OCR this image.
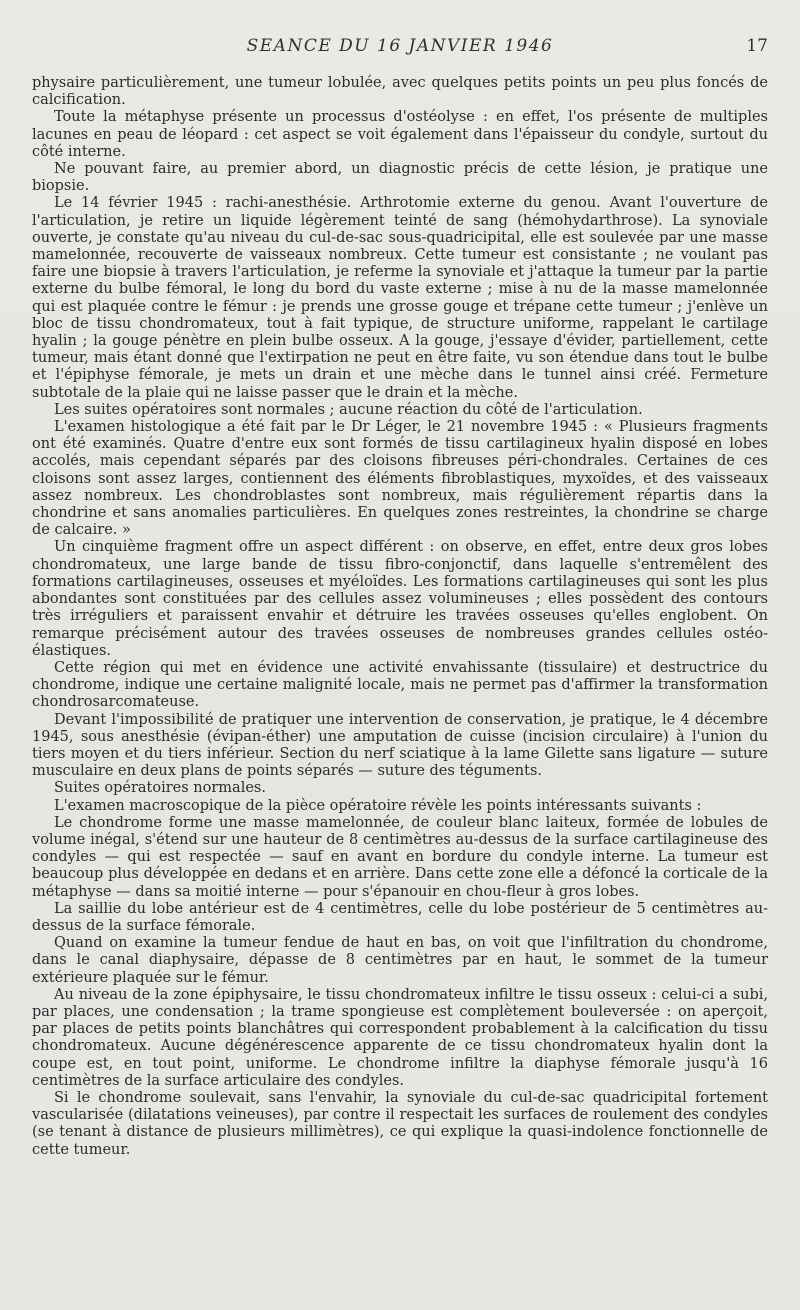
SEANCE DU 16 JANVIER 1946	17

physaire particulièrement, une tumeur lobulée, avec quelques petits points un peu plus foncés de calcification.

Toute la métaphyse présente un processus d'ostéolyse : en effet, l'os présente de multiples lacunes en peau de léopard : cet aspect se voit également dans l'épaisseur du condyle, surtout du côté interne.

Ne pouvant faire, au premier abord, un diagnostic précis de cette lésion, je pratique une biopsie.

Le 14 février 1945 : rachi-anesthésie. Arthrotomie externe du genou. Avant l'ouverture de l'articulation, je retire un liquide légèrement teinté de sang (hémohydarthrose). La synoviale ouverte, je constate qu'au niveau du cul-de-sac sous-quadricipital, elle est soulevée par une masse mamelonnée, recouverte de vaisseaux nombreux. Cette tumeur est consistante ; ne voulant pas faire une biopsie à travers l'articulation, je referme la synoviale et j'attaque la tumeur par la partie externe du bulbe fémoral, le long du bord du vaste externe ; mise à nu de la masse mamelonnée qui est plaquée contre le fémur : je prends une grosse gouge et trépane cette tumeur ; j'enlève un bloc de tissu chondromateux, tout à fait typique, de structure uniforme, rappelant le cartilage hyalin ; la gouge pénètre en plein bulbe osseux. A la gouge, j'essaye d'évider, partiellement, cette tumeur, mais étant donné que l'extirpation ne peut en être faite, vu son étendue dans tout le bulbe et l'épiphyse fémorale, je mets un drain et une mèche dans le tunnel ainsi créé. Fermeture subtotale de la plaie qui ne laisse passer que le drain et la mèche.

Les suites opératoires sont normales ; aucune réaction du côté de l'articulation.

L'examen histologique a été fait par le Dr Léger, le 21 novembre 1945 : « Plusieurs fragments ont été examinés. Quatre d'entre eux sont formés de tissu cartilagineux hyalin disposé en lobes accolés, mais cependant séparés par des cloisons fibreuses péri-chondrales. Certaines de ces cloisons sont assez larges, contiennent des éléments fibroblastiques, myxoïdes, et des vaisseaux assez nombreux. Les chondroblastes sont nombreux, mais régulièrement répartis dans la chondrine et sans anomalies particulières. En quelques zones restreintes, la chondrine se charge de calcaire. »

Un cinquième fragment offre un aspect différent : on observe, en effet, entre deux gros lobes chondromateux, une large bande de tissu fibro-conjonctif, dans laquelle s'entremêlent des formations cartilagineuses, osseuses et myéloïdes. Les formations cartilagineuses qui sont les plus abondantes sont constituées par des cellules assez volumineuses ; elles possèdent des contours très irréguliers et paraissent envahir et détruire les travées osseuses qu'elles englobent. On remarque précisément autour des travées osseuses de nombreuses grandes cellules ostéo-élastiques.

Cette région qui met en évidence une activité envahissante (tissulaire) et destructrice du chondrome, indique une certaine malignité locale, mais ne permet pas d'affirmer la transformation chondrosarcomateuse.

Devant l'impossibilité de pratiquer une intervention de conservation, je pratique, le 4 décembre 1945, sous anesthésie (évipan-éther) une amputation de cuisse (incision circulaire) à l'union du tiers moyen et du tiers inférieur. Section du nerf sciatique à la lame Gilette sans ligature — suture musculaire en deux plans de points séparés — suture des téguments.

Suites opératoires normales.

L'examen macroscopique de la pièce opératoire révèle les points intéressants suivants :

Le chondrome forme une masse mamelonnée, de couleur blanc laiteux, formée de lobules de volume inégal, s'étend sur une hauteur de 8 centimètres au-dessus de la surface cartilagineuse des condyles — qui est respectée — sauf en avant en bordure du condyle interne. La tumeur est beaucoup plus développée en dedans et en arrière. Dans cette zone elle a défoncé la corticale de la métaphyse — dans sa moitié interne — pour s'épanouir en chou-fleur à gros lobes.

La saillie du lobe antérieur est de 4 centimètres, celle du lobe postérieur de 5 centimètres au-dessus de la surface fémorale.

Quand on examine la tumeur fendue de haut en bas, on voit que l'infiltration du chondrome, dans le canal diaphysaire, dépasse de 8 centimètres par en haut, le sommet de la tumeur extérieure plaquée sur le fémur.

Au niveau de la zone épiphysaire, le tissu chondromateux infiltre le tissu osseux : celui-ci a subi, par places, une condensation ; la trame spongieuse est complètement bouleversée : on aperçoit, par places de petits points blanchâtres qui correspondent probablement à la calcification du tissu chondromateux. Aucune dégénérescence apparente de ce tissu chondromateux hyalin dont la coupe est, en tout point, uniforme. Le chondrome infiltre la diaphyse fémorale jusqu'à 16 centimètres de la surface articulaire des condyles.

Si le chondrome soulevait, sans l'envahir, la synoviale du cul-de-sac quadricipital fortement vascularisée (dilatations veineuses), par contre il respectait les surfaces de roulement des condyles (se tenant à distance de plusieurs millimètres), ce qui explique la quasi-indolence fonctionnelle de cette tumeur.
